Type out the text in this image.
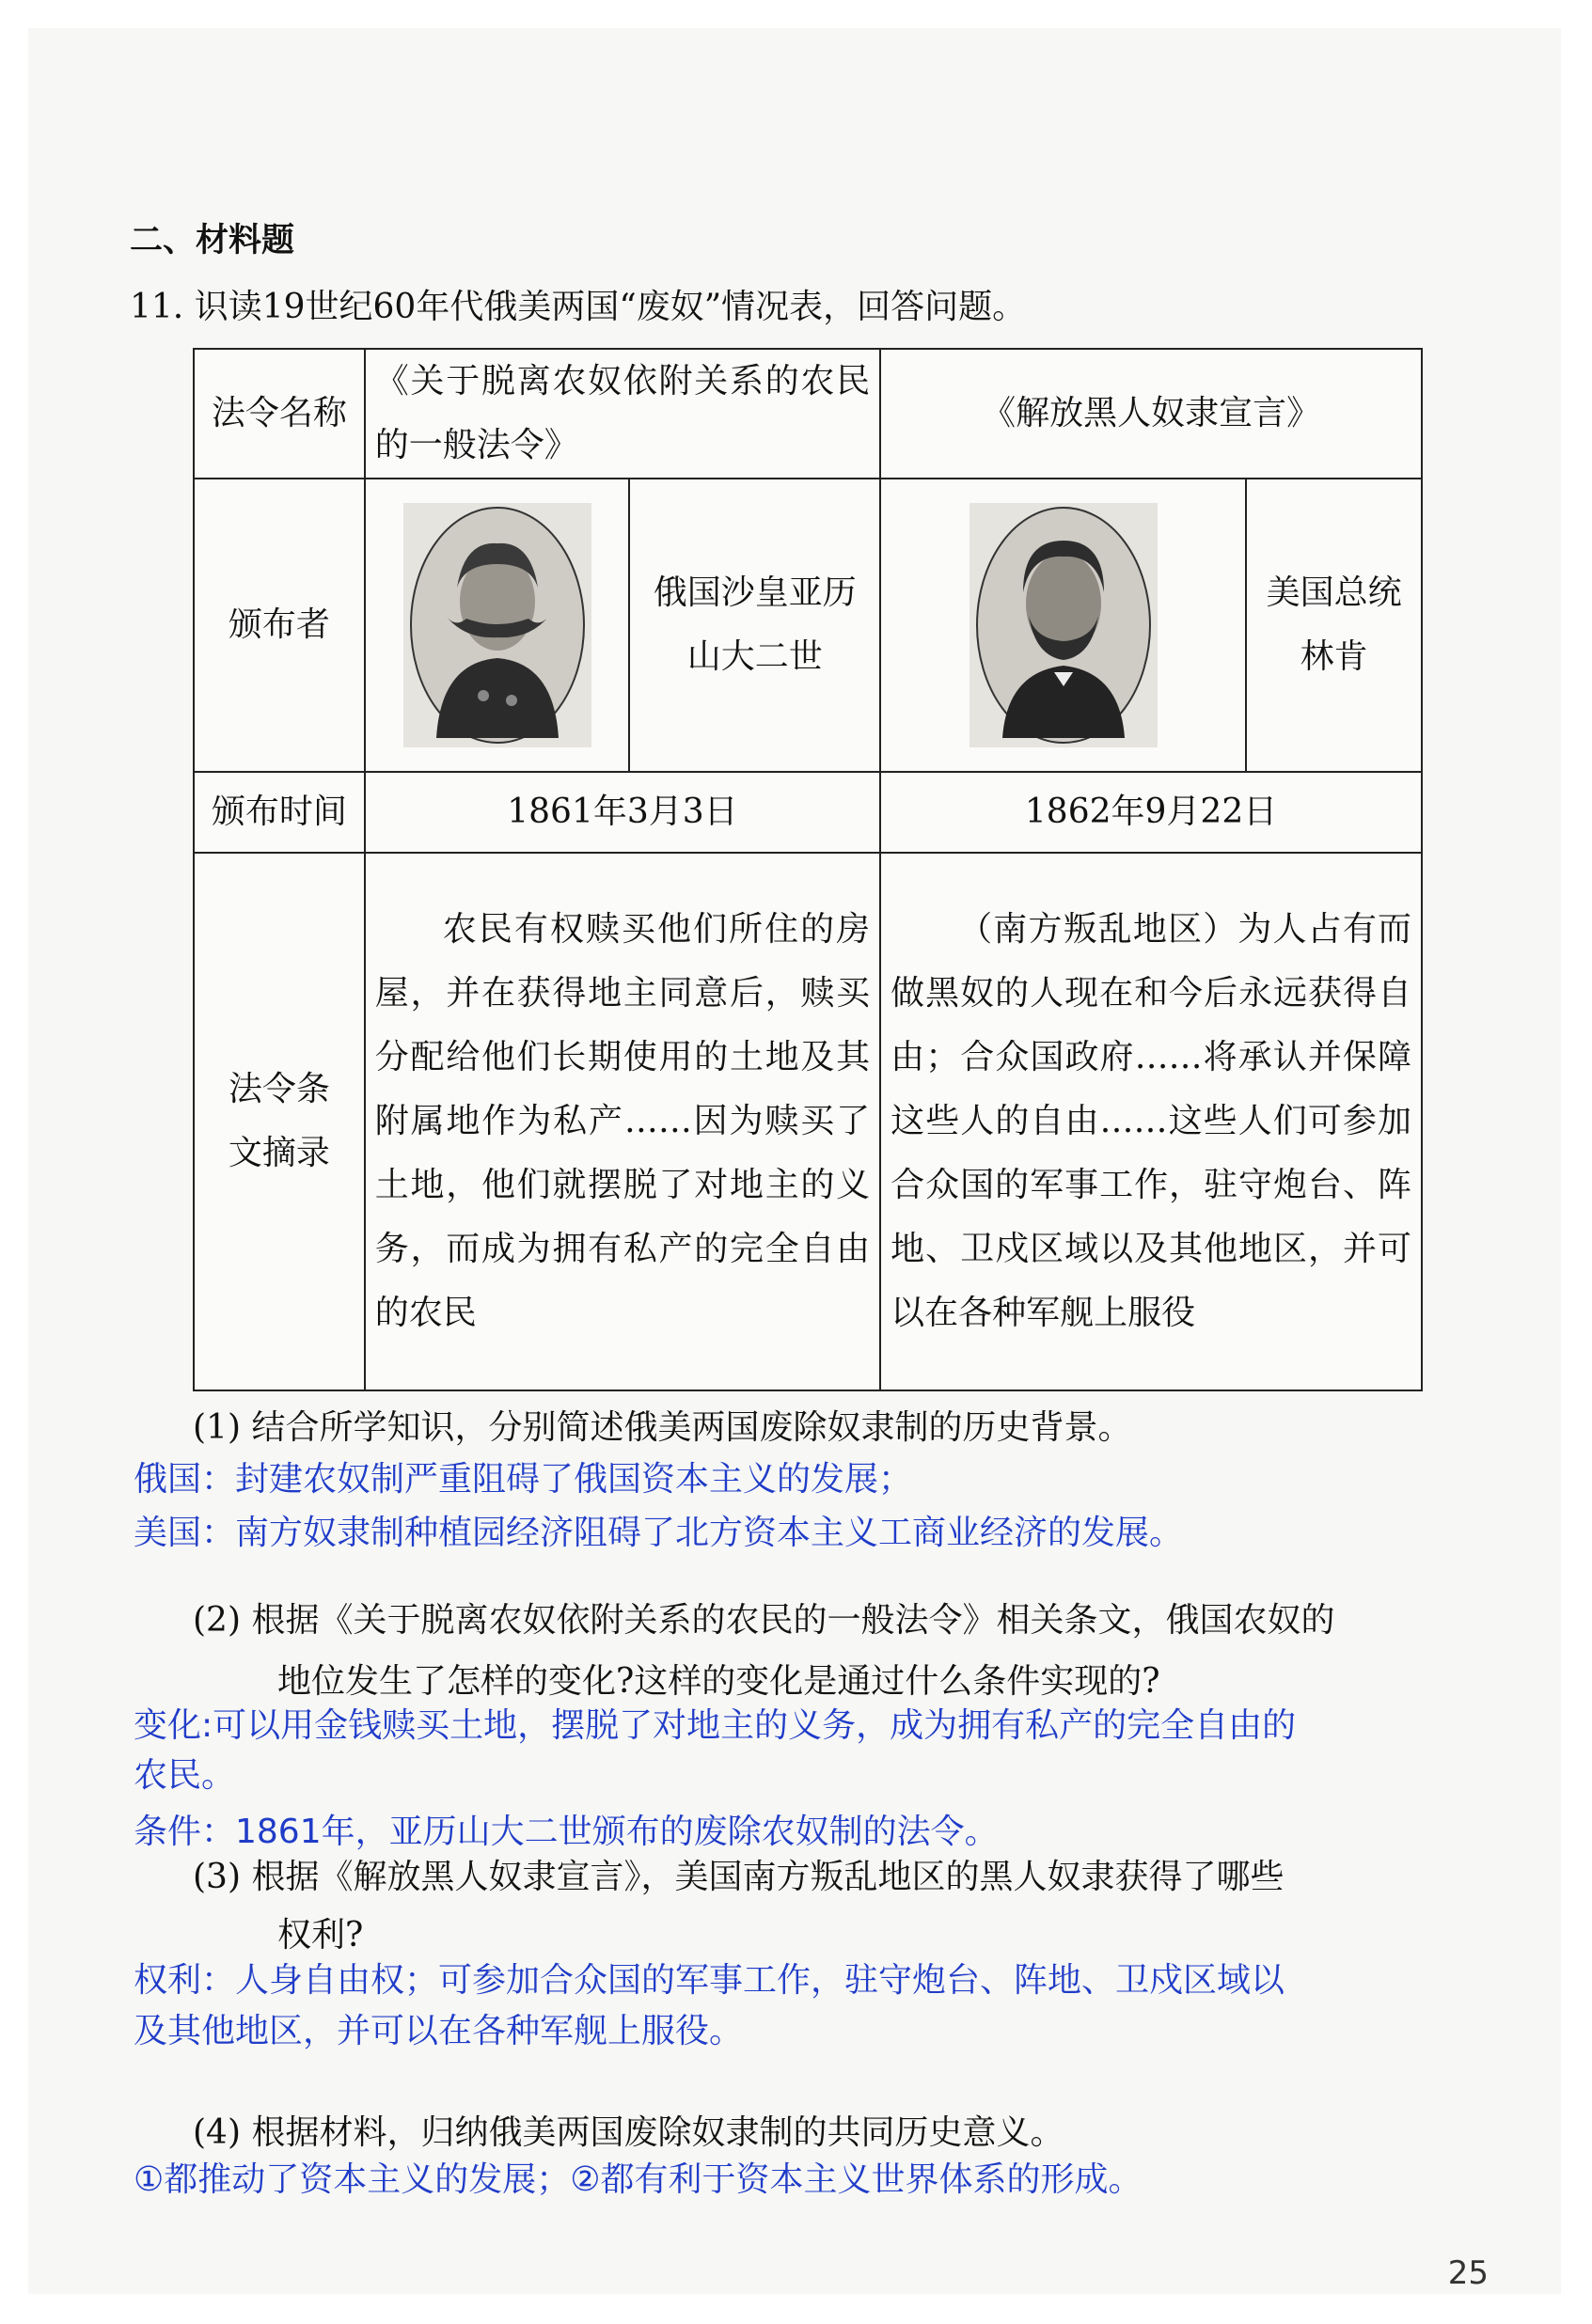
二、材料题
11. 识读19世纪60年代俄美两国“废奴”情况表，回答问题。
法令名称	《关于脱离农奴依附关系的农民的一般法令》		《解放黑人奴隶宣言》	
颁布者		俄国沙皇亚历山大二世		美国总统林肯

颁布时间	1861年3月3日		1862年9月22日	

法令条文摘录	农民有权赎买他们所住的房屋，并在获得地主同意后，赎买分配给他们长期使用的土地及其附属地作为私产……因为赎买了土地，他们就摆脱了对地主的义务，而成为拥有私产的完全自由的农民		（南方叛乱地区）为人占有而做黑奴的人现在和今后永远获得自由；合众国政府……将承认并保障这些人的自由……这些人们可参加合众国的军事工作，驻守炮台、阵地、卫戍区域以及其他地区，并可以在各种军舰上服役	
(1) 结合所学知识，分别简述俄美两国废除奴隶制的历史背景。
俄国：封建农奴制严重阻碍了俄国资本主义的发展；
美国：南方奴隶制种植园经济阻碍了北方资本主义工商业经济的发展。
(2) 根据《关于脱离农奴依附关系的农民的一般法令》相关条文，俄国农奴的
地位发生了怎样的变化?这样的变化是通过什么条件实现的?
变化:可以用金钱赎买土地，摆脱了对地主的义务，成为拥有私产的完全自由的
农民。
条件：1861年，亚历山大二世颁布的废除农奴制的法令。
(3) 根据《解放黑人奴隶宣言》，美国南方叛乱地区的黑人奴隶获得了哪些
权利?
权利：人身自由权；可参加合众国的军事工作，驻守炮台、阵地、卫戍区域以
及其他地区，并可以在各种军舰上服役。
(4) 根据材料，归纳俄美两国废除奴隶制的共同历史意义。
①都推动了资本主义的发展；②都有利于资本主义世界体系的形成。
25
